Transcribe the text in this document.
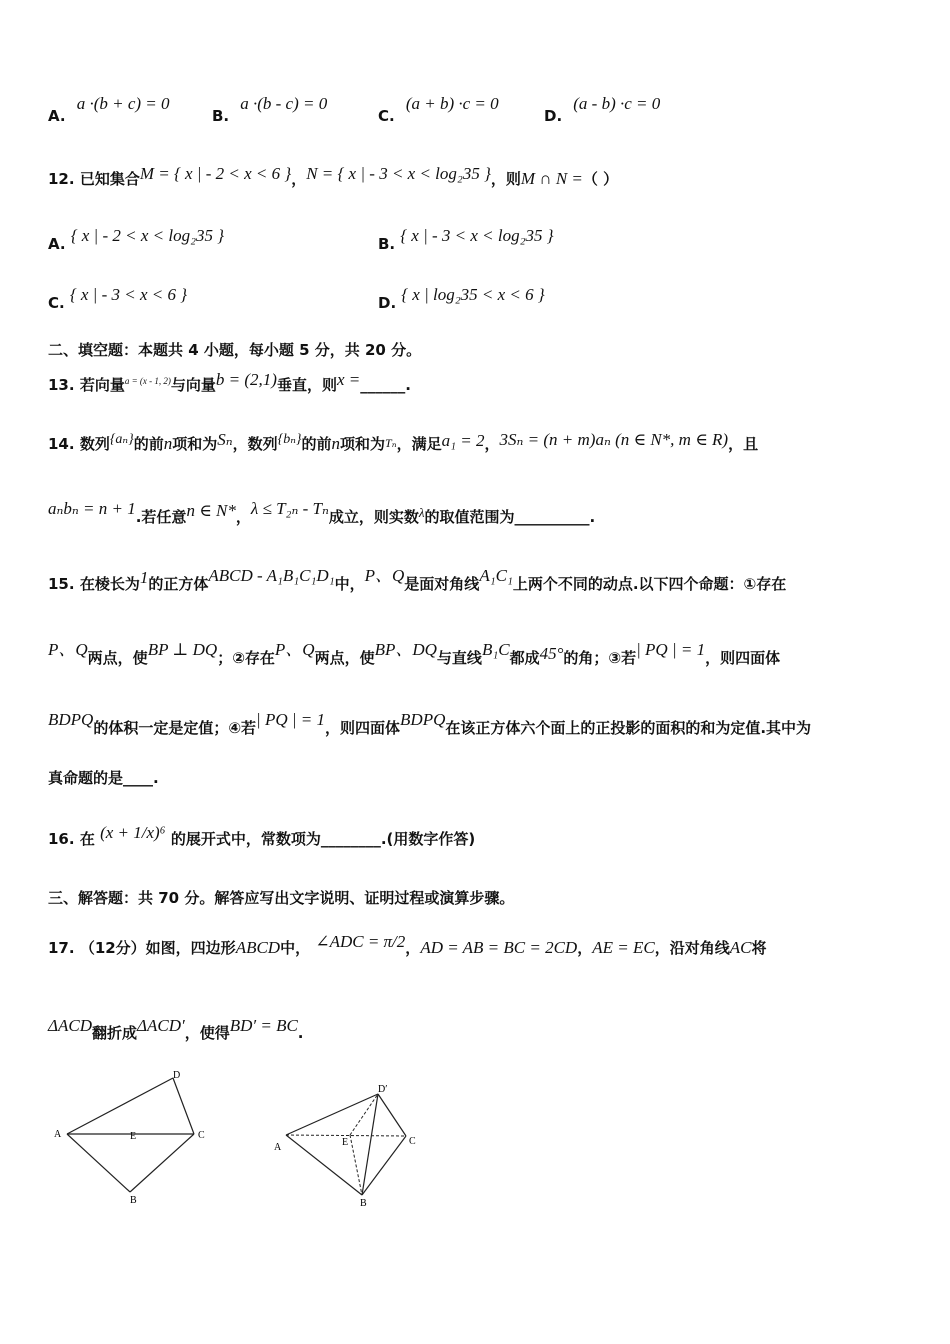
A. a ·(b + c) = 0
B. a ·(b - c) = 0
C. (a + b) ·c = 0
D. (a - b) ·c = 0
12. 已知集合M = { x | - 2 < x < 6 }，N = { x | - 3 < x < log₂35 }，则M ∩ N =（ ）
A. { x | - 2 < x < log₂35 }	B. { x | - 3 < x < log₂35 }
C. { x | - 3 < x < 6 }	D. { x | log₂35 < x < 6 }
二、填空题：本题共 4 小题，每小题 5 分，共 20 分。
13. 若向量$^{a = (x - 1, 2)}$与向量b = (2,1)垂直，则x =______.
14. 数列{aₙ}的前n项和为Sₙ，数列{bₙ}的前n项和为Tₙ，满足a₁ = 2，3Sₙ = (n + m)aₙ (n ∈ N*, m ∈ R)，且
aₙbₙ = n + 1.若任意n ∈ N*，λ ≤ T₂ₙ - Tₙ成立，则实数λ的取值范围为__________.
15. 在棱长为1的正方体ABCD - A₁B₁C₁D₁中，P、Q是面对角线A₁C₁上两个不同的动点.以下四个命题：①存在
P、Q两点，使BP ⊥ DQ；②存在P、Q两点，使BP、DQ与直线B₁C都成45°的角；③若| PQ | = 1，则四面体
BDPQ的体积一定是定值；④若| PQ | = 1，则四面体BDPQ在该正方体六个面上的正投影的面积的和为定值.其中为
真命题的是____.
16. 在 (x + 1/x)⁶ 的展开式中，常数项为________.(用数字作答)
三、解答题：共 70 分。解答应写出文字说明、证明过程或演算步骤。
17. （12分）如图，四边形ABCD中， ∠ADC = π/2，AD = AB = BC = 2CD，AE = EC，沿对角线AC将
ΔACD翻折成ΔACD′，使得BD′ = BC.
A
D
C
E
B
A
D′
C
E
B
